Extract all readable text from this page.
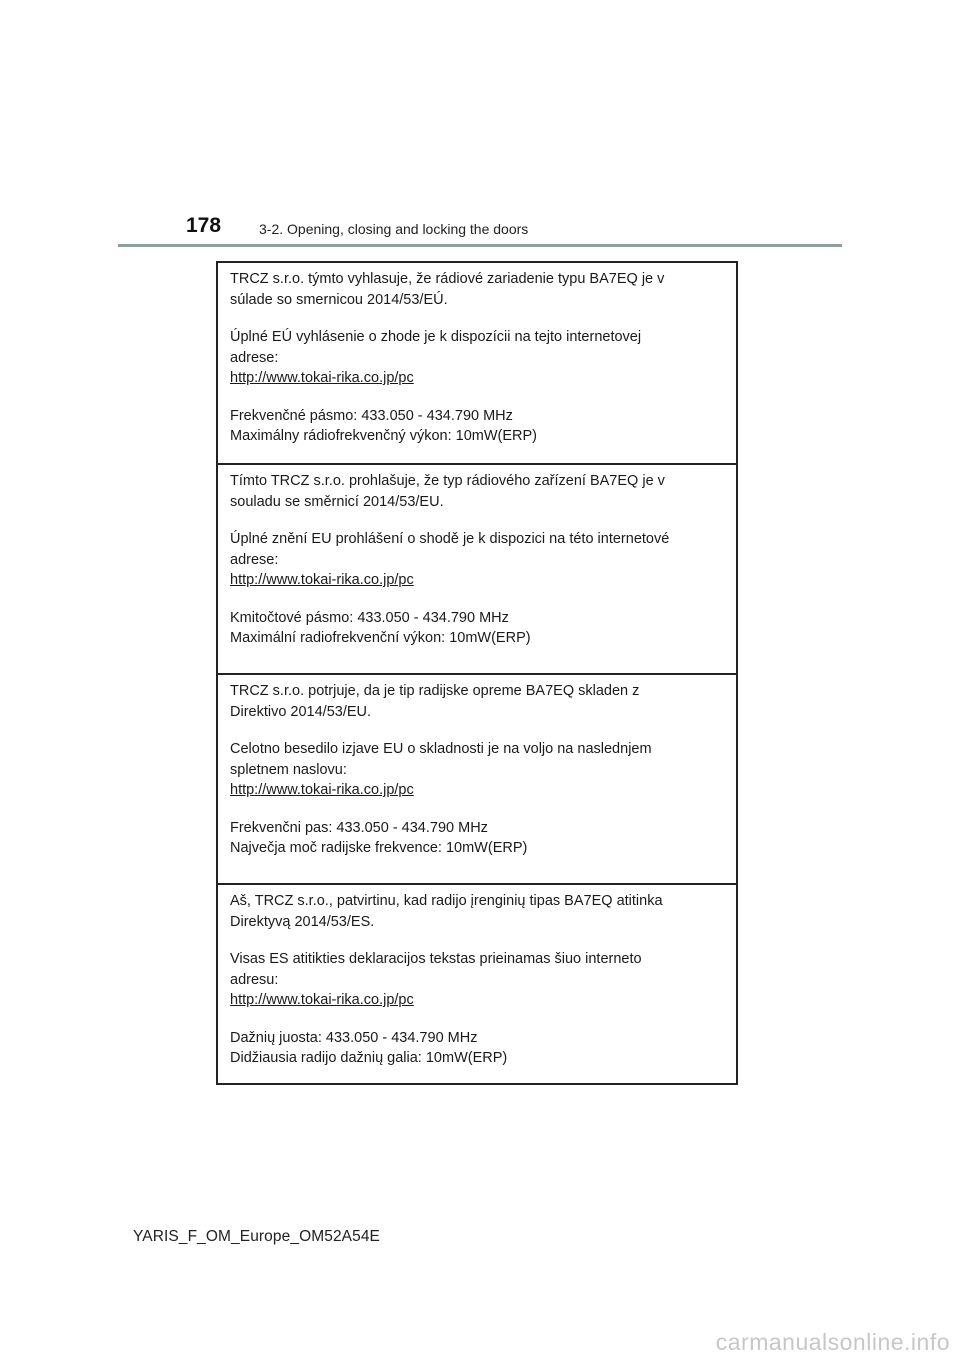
178	3-2. Opening, closing and locking the doors

TRCZ s.r.o. týmto vyhlasuje, že rádiové zariadenie typu BA7EQ je v
súlade so smernicou 2014/53/EÚ.

Úplné EÚ vyhlásenie o zhode je k dispozícii na tejto internetovej
adrese:
http://www.tokai-rika.co.jp/pc

Frekvenčné pásmo: 433.050 - 434.790 MHz
Maximálny rádiofrekvenčný výkon: 10mW(ERP)

Tímto TRCZ s.r.o. prohlašuje, že typ rádiového zařízení BA7EQ je v
souladu se směrnicí 2014/53/EU.

Úplné znění EU prohlášení o shodě je k dispozici na této internetové
adrese:
http://www.tokai-rika.co.jp/pc

Kmitočtové pásmo: 433.050 - 434.790 MHz
Maximální radiofrekvenční výkon: 10mW(ERP)

TRCZ s.r.o. potrjuje, da je tip radijske opreme BA7EQ skladen z
Direktivo 2014/53/EU.

Celotno besedilo izjave EU o skladnosti je na voljo na naslednjem
spletnem naslovu:
http://www.tokai-rika.co.jp/pc

Frekvenčni pas: 433.050 - 434.790 MHz
Največja moč radijske frekvence: 10mW(ERP)

Aš, TRCZ s.r.o., patvirtinu, kad radijo įrenginių tipas BA7EQ atitinka
Direktyvą 2014/53/ES.

Visas ES atitikties deklaracijos tekstas prieinamas šiuo interneto
adresu:
http://www.tokai-rika.co.jp/pc

Dažnių juosta: 433.050 - 434.790 MHz
Didžiausia radijo dažnių galia: 10mW(ERP)

YARIS_F_OM_Europe_OM52A54E
carmanualsonline.info
